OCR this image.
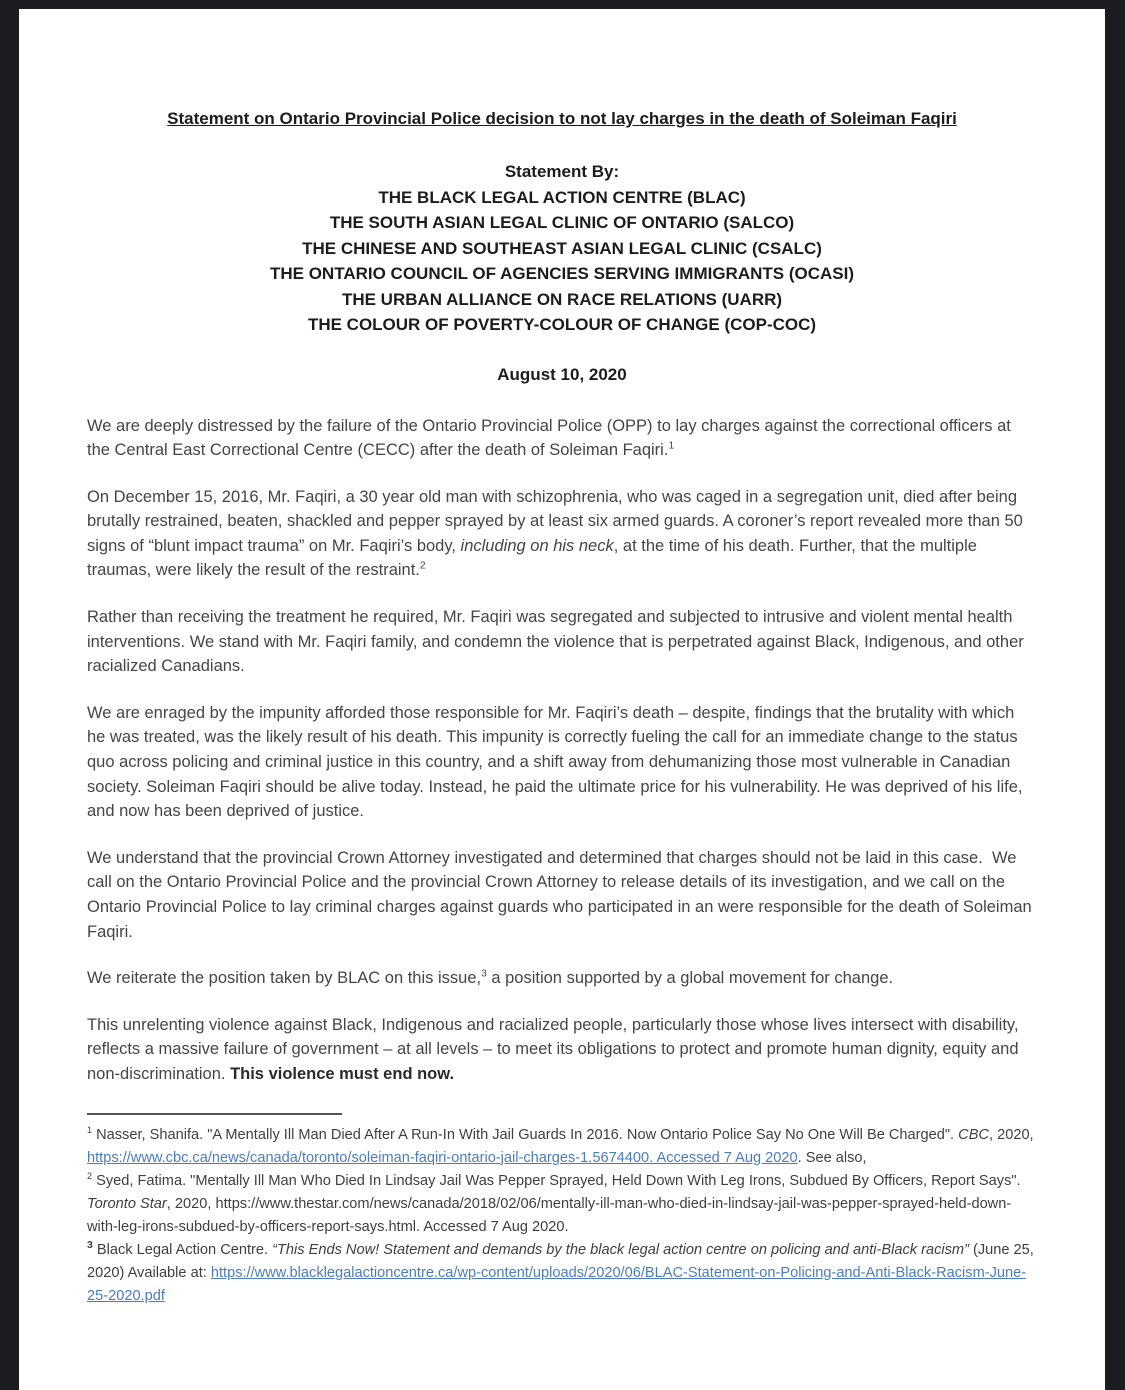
Statement on Ontario Provincial Police decision to not lay charges in the death of Soleiman Faqiri
Statement By:
THE BLACK LEGAL ACTION CENTRE (BLAC)
THE SOUTH ASIAN LEGAL CLINIC OF ONTARIO (SALCO)
THE CHINESE AND SOUTHEAST ASIAN LEGAL CLINIC (CSALC)
THE ONTARIO COUNCIL OF AGENCIES SERVING IMMIGRANTS (OCASI)
THE URBAN ALLIANCE ON RACE RELATIONS (UARR)
THE COLOUR OF POVERTY-COLOUR OF CHANGE (COP-COC)
August 10, 2020

We are deeply distressed by the failure of the Ontario Provincial Police (OPP) to lay charges against the correctional officers at the Central East Correctional Centre (CECC) after the death of Soleiman Faqiri.$^1$

On December 15, 2016, Mr. Faqiri, a 30 year old man with schizophrenia, who was caged in a segregation unit, died after being brutally restrained, beaten, shackled and pepper sprayed by at least six armed guards. A coroner’s report revealed more than 50 signs of “blunt impact trauma” on Mr. Faqiri’s body, including on his neck, at the time of his death. Further, that the multiple traumas, were likely the result of the restraint.$^2$

Rather than receiving the treatment he required, Mr. Faqiri was segregated and subjected to intrusive and violent mental health interventions. We stand with Mr. Faqiri family, and condemn the violence that is perpetrated against Black, Indigenous, and other racialized Canadians.

We are enraged by the impunity afforded those responsible for Mr. Faqiri’s death – despite, findings that the brutality with which he was treated, was the likely result of his death. This impunity is correctly fueling the call for an immediate change to the status quo across policing and criminal justice in this country, and a shift away from dehumanizing those most vulnerable in Canadian society. Soleiman Faqiri should be alive today. Instead, he paid the ultimate price for his vulnerability. He was deprived of his life, and now has been deprived of justice.

We understand that the provincial Crown Attorney investigated and determined that charges should not be laid in this case.  We call on the Ontario Provincial Police and the provincial Crown Attorney to release details of its investigation, and we call on the Ontario Provincial Police to lay criminal charges against guards who participated in an were responsible for the death of Soleiman Faqiri.

We reiterate the position taken by BLAC on this issue,$^3$ a position supported by a global movement for change.

This unrelenting violence against Black, Indigenous and racialized people, particularly those whose lives intersect with disability, reflects a massive failure of government – at all levels – to meet its obligations to protect and promote human dignity, equity and non-discrimination. This violence must end now.

$^1$ Nasser, Shanifa. "A Mentally Ill Man Died After A Run-In With Jail Guards In 2016. Now Ontario Police Say No One Will Be Charged". CBC, 2020, https://www.cbc.ca/news/canada/toronto/soleiman-faqiri-ontario-jail-charges-1.5674400. Accessed 7 Aug 2020. See also,
$^2$ Syed, Fatima. "Mentally Ill Man Who Died In Lindsay Jail Was Pepper Sprayed, Held Down With Leg Irons, Subdued By Officers, Report Says". Toronto Star, 2020, https://www.thestar.com/news/canada/2018/02/06/mentally-ill-man-who-died-in-lindsay-jail-was-pepper-sprayed-held-down-with-leg-irons-subdued-by-officers-report-says.html. Accessed 7 Aug 2020.
$^3$ Black Legal Action Centre. “This Ends Now! Statement and demands by the black legal action centre on policing and anti-Black racism” (June 25, 2020) Available at: https://www.blacklegalactioncentre.ca/wp-content/uploads/2020/06/BLAC-Statement-on-Policing-and-Anti-Black-Racism-June-25-2020.pdf
